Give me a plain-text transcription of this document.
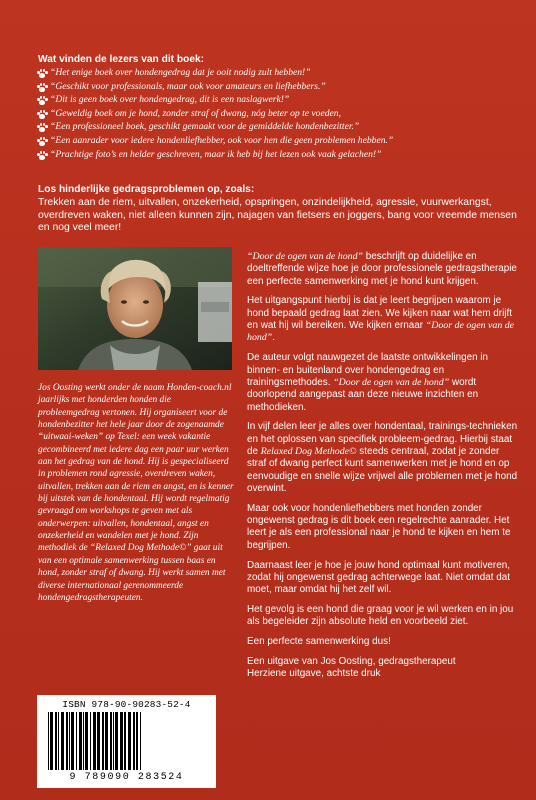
Wat vinden de lezers van dit boek:
“Het enige boek over hondengedrag dat je ooit nodig zult hebben!”
“Geschikt voor professionals, maar ook voor amateurs en liefhebbers.”
“Dit is geen boek over hondengedrag, dit is een naslagwerk!”
“Geweldig boek om je hond, zonder straf of dwang, nóg beter op te voeden,
“Een professioneel boek, geschikt gemaakt voor de gemiddelde hondenbezitter.”
“Een aanrader voor iedere hondenliefhebber, ook voor hen die geen problemen hebben.”
“Prachtige foto’s en helder geschreven, maar ik heb bij het lezen ook vaak gelachen!”
Los hinderlijke gedragsproblemen op, zoals:
Trekken aan de riem, uitvallen, onzekerheid, opspringen, onzindelijkheid, agressie, vuurwerkangst, overdreven waken, niet alleen kunnen zijn, najagen van fietsers en joggers, bang voor vreemde mensen en nog veel meer!

Jos Oosting werkt onder de naam Honden-coach.nl jaarlijks met honderden honden die probleemgedrag vertonen. Hij organiseert voor de hondenbezitter het hele jaar door de zogenaamde “uitwaai-weken” op Texel: een week vakantie gecombineerd met iedere dag een paar uur werken aan het gedrag van de hond. Hij is gespecialiseerd in problemen rond agressie, overdreven waken, uitvallen, trekken aan de riem en angst, en is kenner bij uitstek van de hondentaal. Hij wordt regelmatig gevraagd om workshops te geven met als onderwerpen: uitvallen, hondentaal, angst en onzekerheid en wandelen met je hond. Zijn methodiek de “Relaxed Dog Methode©” gaat uit van een optimale samenwerking tussen baas en hond, zonder straf of dwang. Hij werkt samen met diverse internationaal gerenommeerde hondengedragstherapeuten.

“Door de ogen van de hond” beschrijft op duidelijke en doeltreffende wijze hoe je door professionele gedragstherapie een perfecte samenwerking met je hond kunt krijgen.

Het uitgangspunt hierbij is dat je leert begrijpen waarom je hond bepaald gedrag laat zien. We kijken naar wat hem drijft en wat hij wil bereiken. We kijken ernaar “Door de ogen van de hond”.

De auteur volgt nauwgezet de laatste ontwikkelingen in binnen- en buitenland over hondengedrag en trainingsmethodes. “Door de ogen van de hond” wordt doorlopend aangepast aan deze nieuwe inzichten en methodieken.

In vijf delen leer je alles over hondentaal, trainings-technieken en het oplossen van specifiek probleem-gedrag. Hierbij staat de Relaxed Dog Methode© steeds centraal, zodat je zonder straf of dwang perfect kunt samenwerken met je hond en op eenvoudige en snelle wijze vrijwel alle problemen met je hond overwint.

Maar ook voor hondenliefhebbers met honden zonder ongewenst gedrag is dit boek een regelrechte aanrader. Het leert je als een professional naar je hond te kijken en hem te begrijpen.

Daarnaast leer je hoe je jouw hond optimaal kunt motiveren, zodat hij ongewenst gedrag achterwege laat. Niet omdat dat moet, maar omdat hij het zelf wil.

Het gevolg is een hond die graag voor je wil werken en in jou als begeleider zijn absolute held en voorbeeld ziet.

Een perfecte samenwerking dus!

Een uitgave van Jos Oosting, gedragstherapeut
Herziene uitgave, achtste druk

ISBN 978-90-90283-52-4
9 789090 283524
